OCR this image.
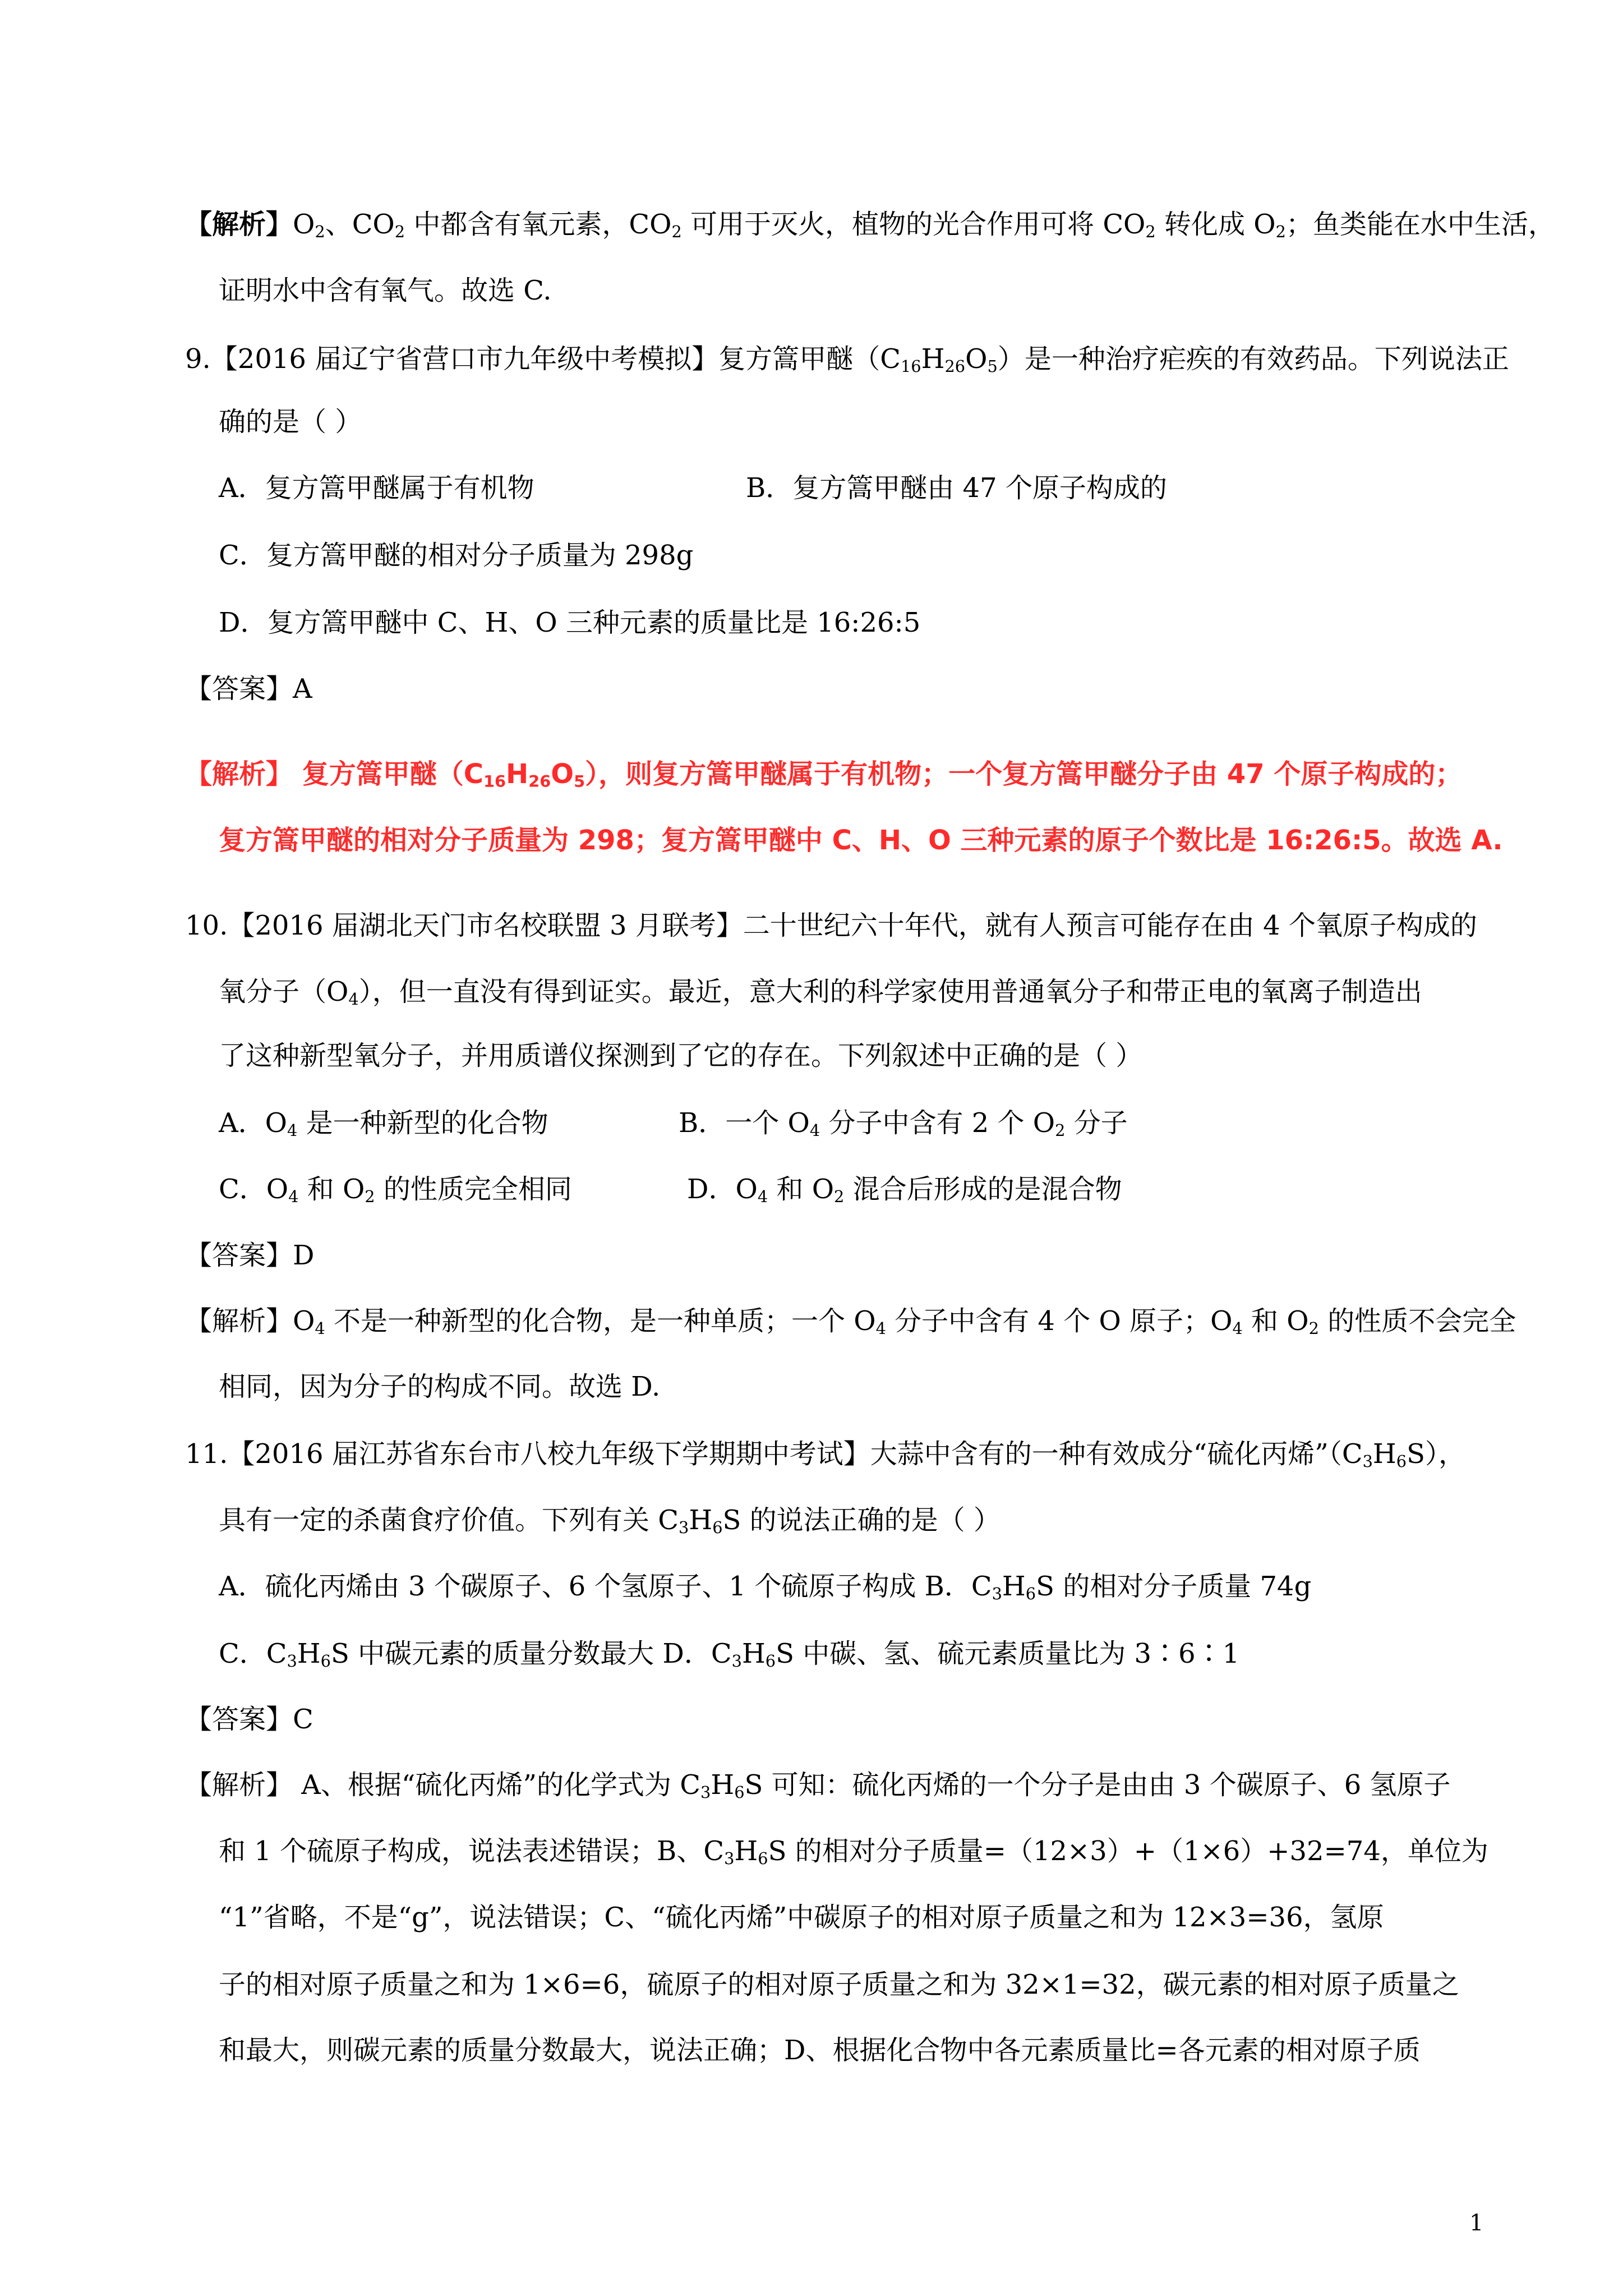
【解析】$O_2$、$CO_2$ 中都含有氧元素，$CO_2$ 可用于灭火，植物的光合作用可将 $CO_2$ 转化成 $O_2$；鱼类能在水中生活，
证明水中含有氧气。故选 C.
9.【2016 届辽宁省营口市九年级中考模拟】复方篙甲醚$(C_{16}H_{26}O_5)$是一种治疗疟疾的有效药品。下列说法正
确的是（ ）
A．复方篙甲醚属于有机物	B．复方篙甲醚由 47 个原子构成的
C．复方篙甲醚的相对分子质量为 298g
D．复方篙甲醚中 C、H、O 三种元素的质量比是 16:26:5
【答案】A
【解析】 复方篙甲醚$(C_{16}H_{26}O_5)$，则复方篙甲醚属于有机物；一个复方篙甲醚分子由 47 个原子构成的；
复方篙甲醚的相对分子质量为 298；复方篙甲醚中 C、H、O 三种元素的原子个数比是 16:26:5。故选 A.
10.【2016 届湖北天门市名校联盟 3 月联考】二十世纪六十年代，就有人预言可能存在由 4 个氧原子构成的
氧分子$(O_4)$，但一直没有得到证实。最近，意大利的科学家使用普通氧分子和带正电的氧离子制造出
了这种新型氧分子，并用质谱仪探测到了它的存在。下列叙述中正确的是（ ）
A．$O_4$ 是一种新型的化合物	B．一个 $O_4$ 分子中含有 2 个 $O_2$ 分子
C．$O_4$ 和 $O_2$ 的性质完全相同	D．$O_4$ 和 $O_2$ 混合后形成的是混合物
【答案】D
【解析】$O_4$ 不是一种新型的化合物，是一种单质；一个 $O_4$ 分子中含有 4 个 O 原子；$O_4$ 和 $O_2$ 的性质不会完全
相同，因为分子的构成不同。故选 D.
11.【2016 届江苏省东台市八校九年级下学期期中考试】大蒜中含有的一种有效成分“硫化丙烯$”(C_3H_6S)$，
具有一定的杀菌食疗价值。下列有关 $C_3H_6S$ 的说法正确的是（ ）
A．硫化丙烯由 3 个碳原子、6 个氢原子、1 个硫原子构成 B．$C_3H_6S$ 的相对分子质量 74g
C．$C_3H_6S$ 中碳元素的质量分数最大 D．$C_3H_6S$ 中碳、氢、硫元素质量比为 3∶6∶1
【答案】C
【解析】 A、根据“硫化丙烯”的化学式为 $C_3H_6S$ 可知：硫化丙烯的一个分子是由由 3 个碳原子、6 氢原子
和 1 个硫原子构成，说法表述错误；B、$C_3H_6S$ 的相对分子质量=（12×3）+（1×6）+32=74，单位为
“1”省略，不是“g”，说法错误；C、“硫化丙烯”中碳原子的相对原子质量之和为 12×3=36，氢原
子的相对原子质量之和为 1×6=6，硫原子的相对原子质量之和为 32×1=32，碳元素的相对原子质量之
和最大，则碳元素的质量分数最大，说法正确；D、根据化合物中各元素质量比=各元素的相对原子质
1
